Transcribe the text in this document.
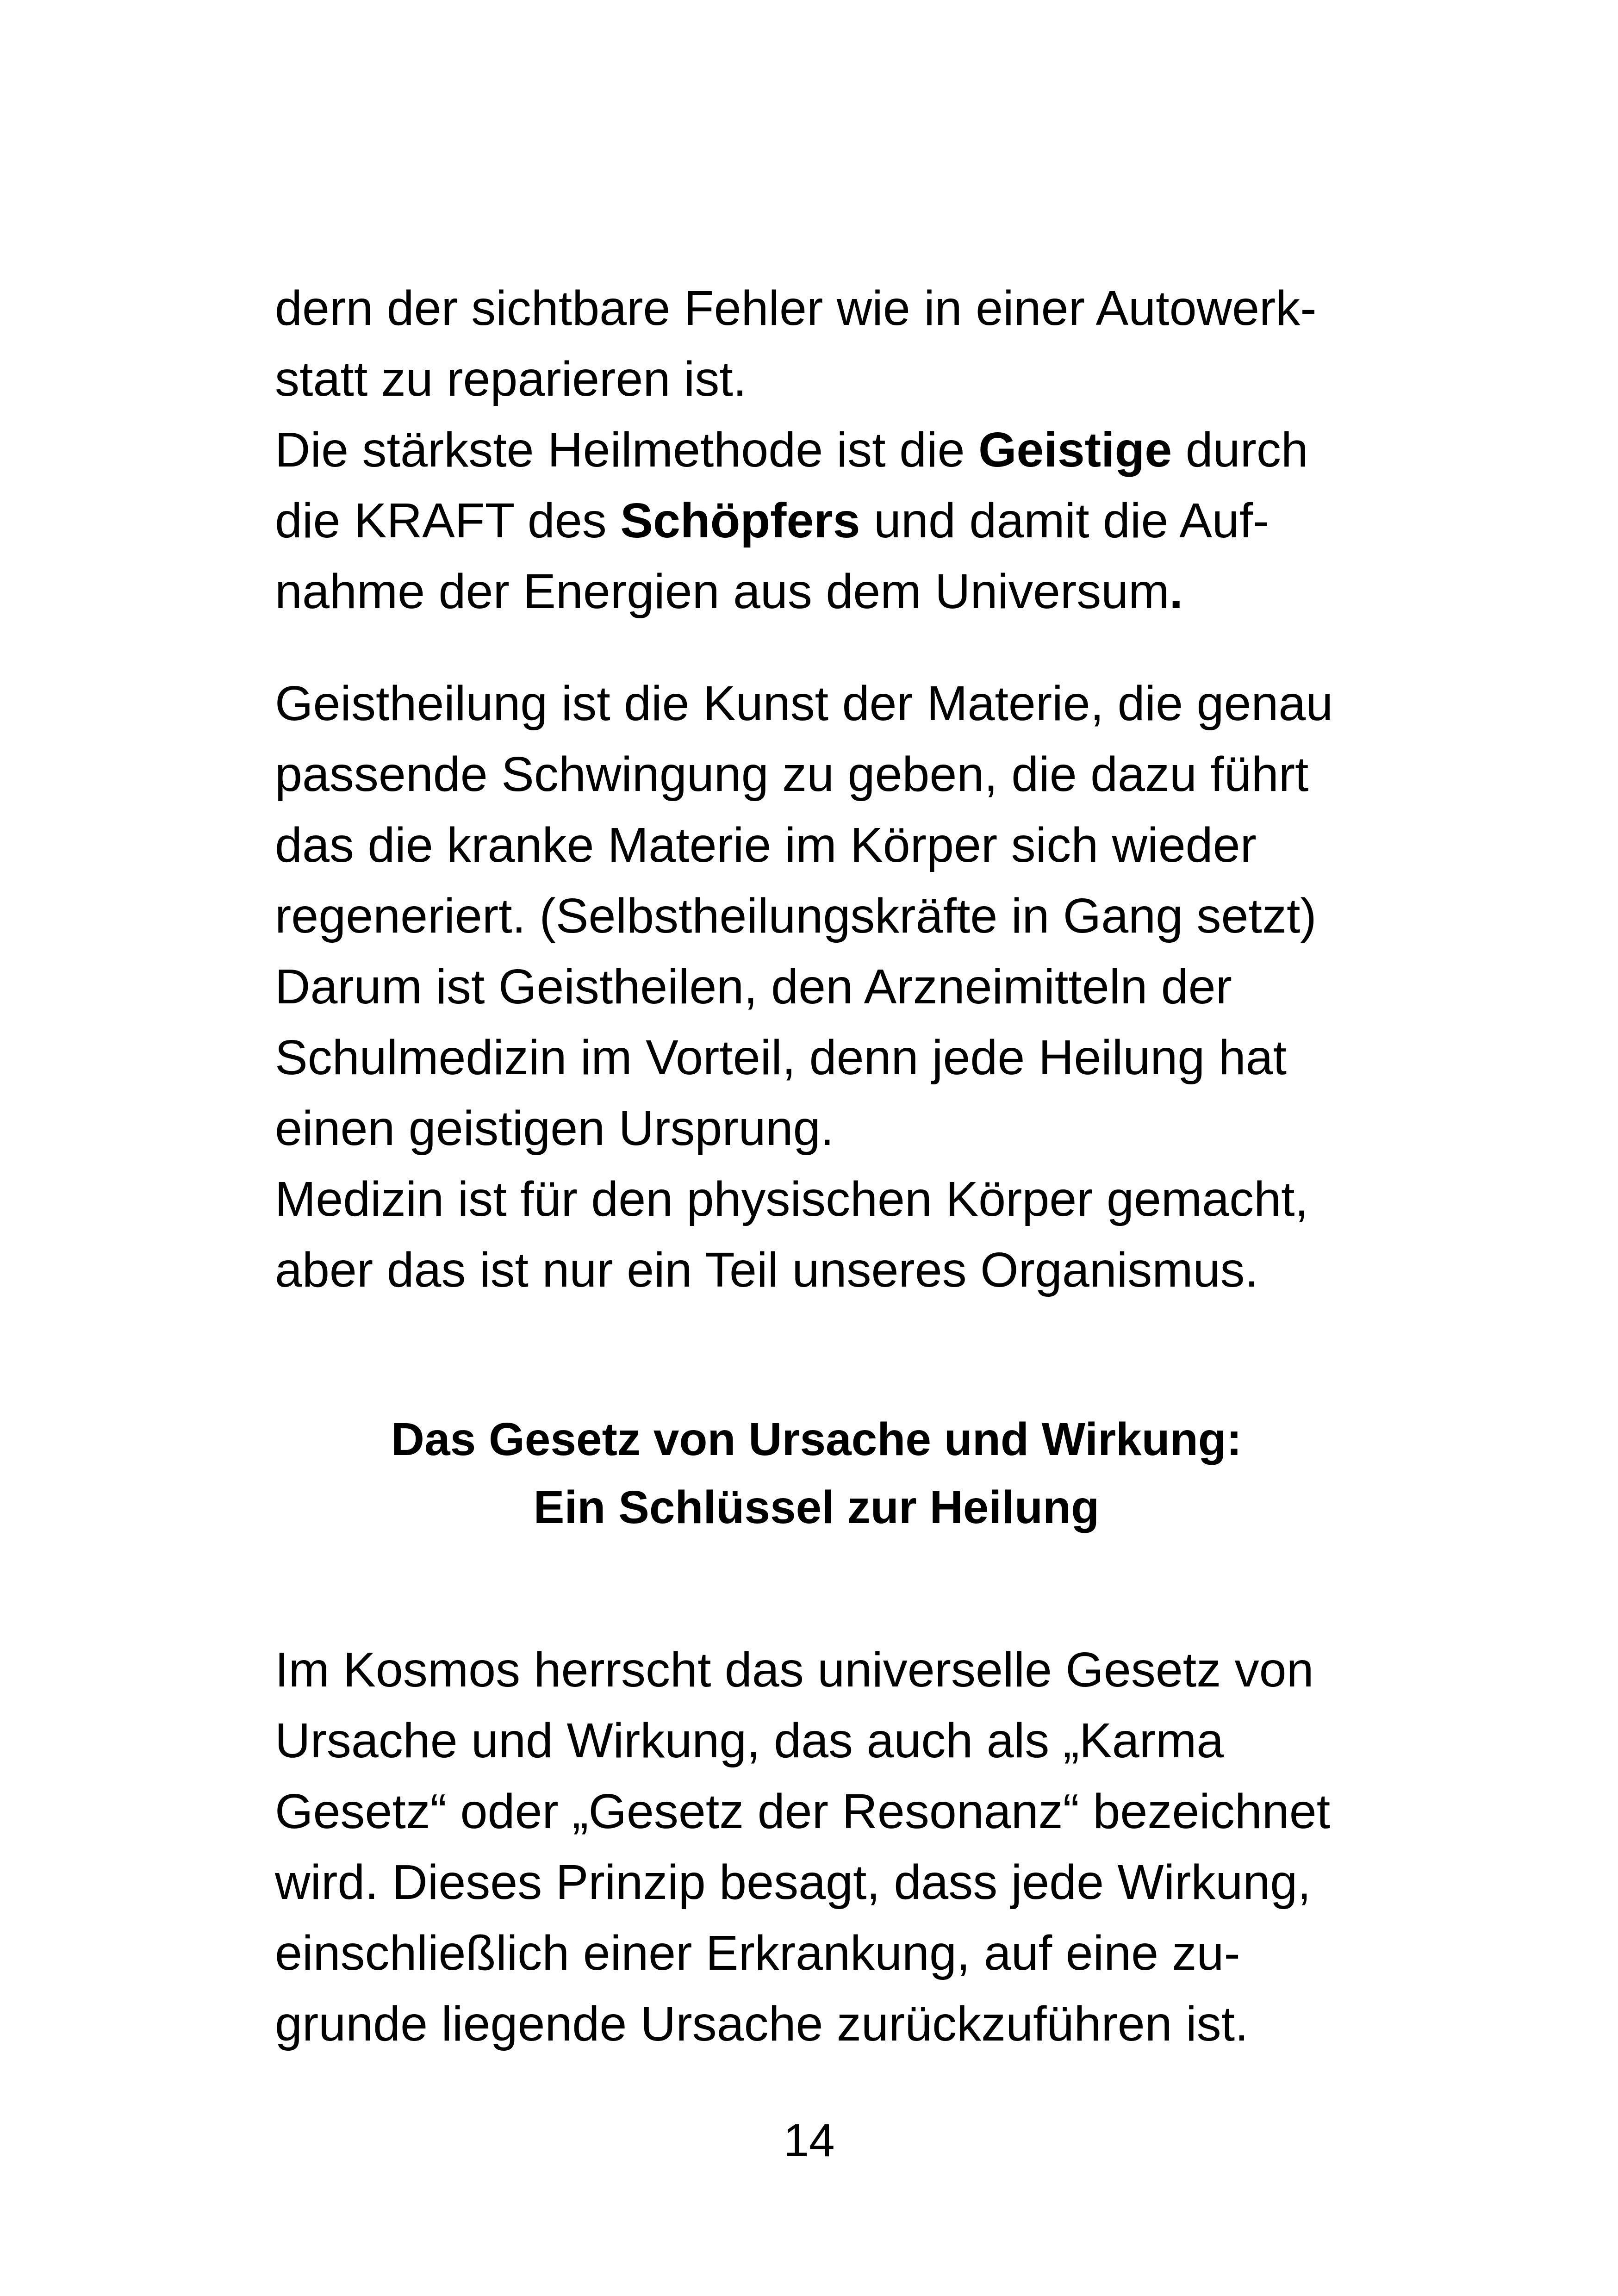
dern der sichtbare Fehler wie in einer Autowerk-
statt zu reparieren ist.
Die stärkste Heilmethode ist die Geistige durch
die KRAFT des Schöpfers und damit die Auf-
nahme der Energien aus dem Universum.

Geistheilung ist die Kunst der Materie, die genau
passende Schwingung zu geben, die dazu führt
das die kranke Materie im Körper sich wieder
regeneriert. (Selbstheilungskräfte in Gang setzt)
Darum ist Geistheilen, den Arzneimitteln der
Schulmedizin im Vorteil, denn jede Heilung hat
einen geistigen Ursprung.
Medizin ist für den physischen Körper gemacht,
aber das ist nur ein Teil unseres Organismus.

Das Gesetz von Ursache und Wirkung:
Ein Schlüssel zur Heilung

Im Kosmos herrscht das universelle Gesetz von
Ursache und Wirkung, das auch als „Karma
Gesetz“ oder „Gesetz der Resonanz“ bezeichnet
wird. Dieses Prinzip besagt, dass jede Wirkung,
einschließlich einer Erkrankung, auf eine zu-
grunde liegende Ursache zurückzuführen ist.

14
